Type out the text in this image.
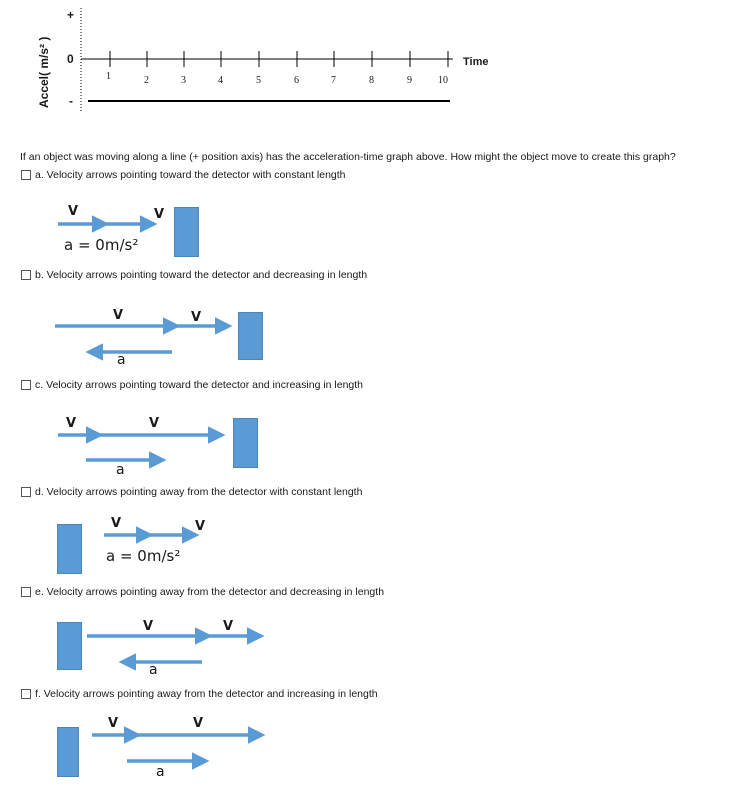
Accel( m/s² )
+
0
-
1	2	3	4	5	6	7	8	9	10
Time
If an object was moving along a line (+ position axis) has the acceleration-time graph above. How might the object move to create this graph?
a. Velocity arrows pointing toward the detector with constant length
b. Velocity arrows pointing toward the detector and decreasing in length
c. Velocity arrows pointing toward the detector and increasing in length
d. Velocity arrows pointing away from the detector with constant length
e. Velocity arrows pointing away from the detector and decreasing in length
f. Velocity arrows pointing away from the detector and increasing in length
V	V
a = 0m/s²
V	V
a
V	V
a
V	V
a = 0m/s²
V	V
a
V	V
a
